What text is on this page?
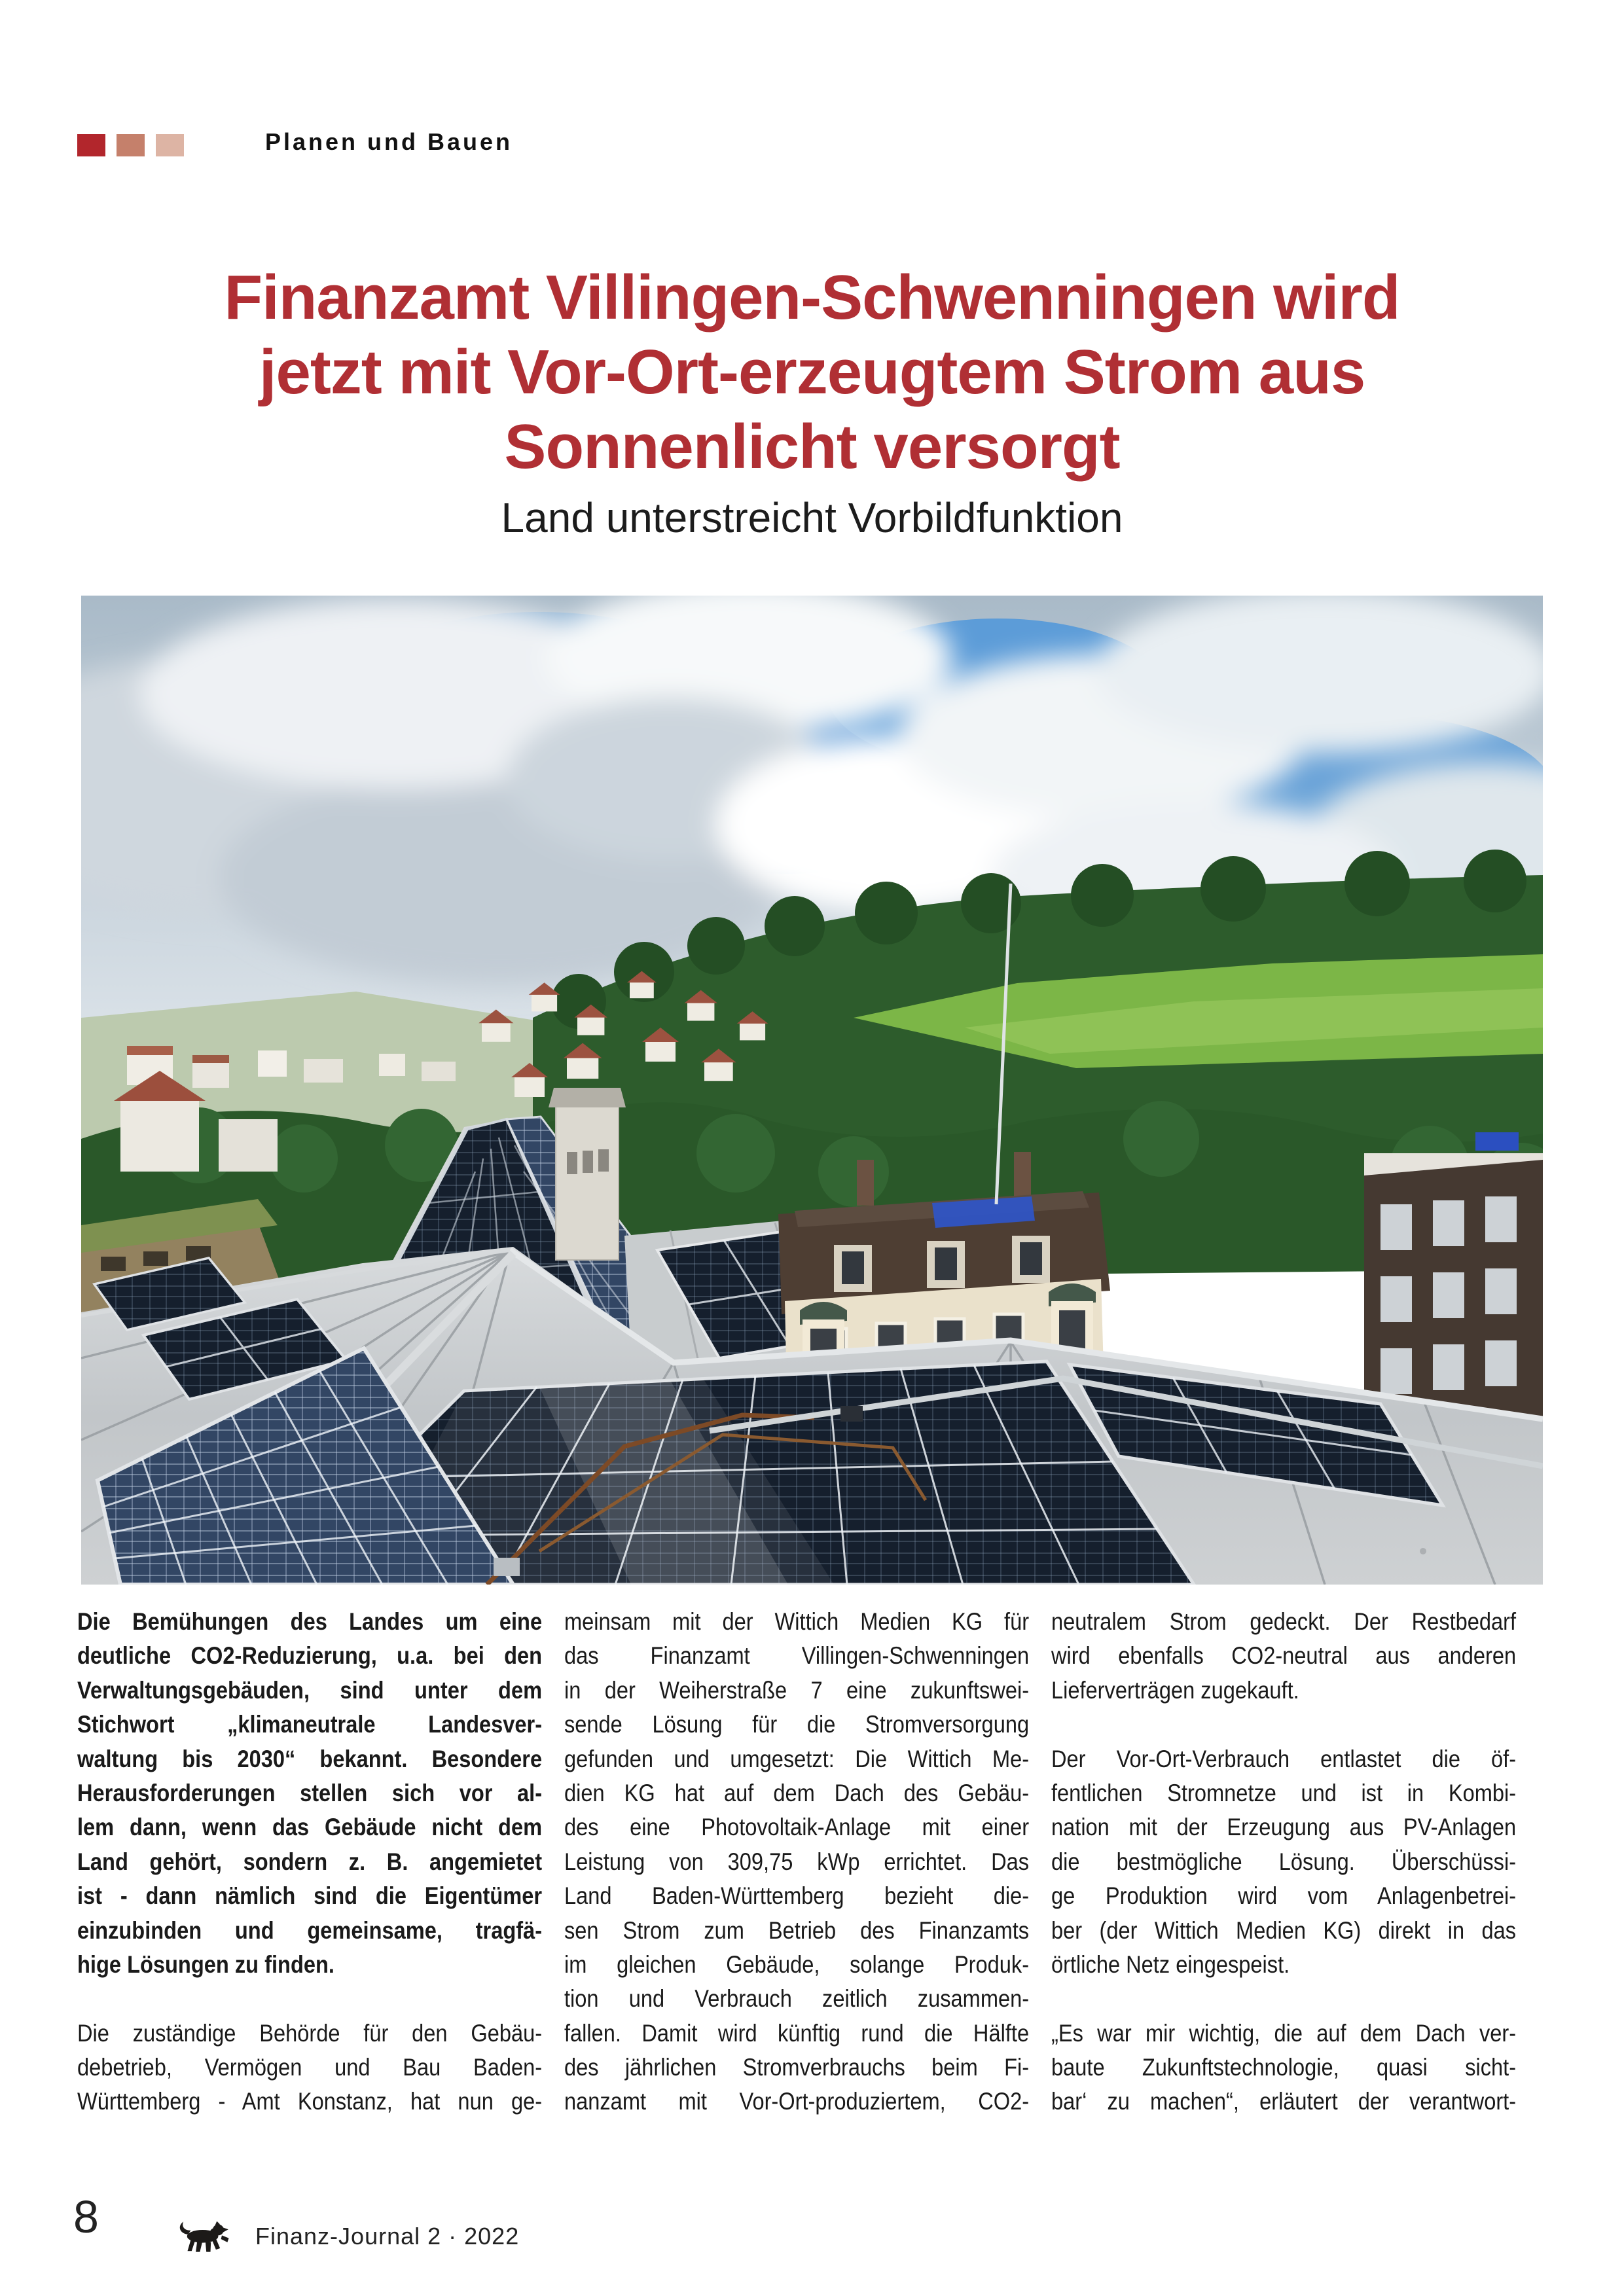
Planen und Bauen
Finanzamt Villingen-Schwenningen wird
jetzt mit Vor-Ort-erzeugtem Strom aus
Sonnenlicht versorgt
Land unterstreicht Vorbildfunktion
Die Bemühungen des Landes um eine
deutliche CO2-Reduzierung, u.a. bei den
Verwaltungsgebäuden, sind unter dem
Stichwort „klimaneutrale Landesver-
waltung bis 2030“ bekannt. Besondere
Herausforderungen stellen sich vor al-
lem dann, wenn das Gebäude nicht dem
Land gehört, sondern z. B. angemietet
ist - dann nämlich sind die Eigentümer
einzubinden und gemeinsame, tragfä-
hige Lösungen zu finden.

Die zuständige Behörde für den Gebäu-
debetrieb, Vermögen und Bau Baden-
Württemberg - Amt Konstanz, hat nun ge-
meinsam mit der Wittich Medien KG für
das Finanzamt Villingen-Schwenningen
in der Weiherstraße 7 eine zukunftswei-
sende Lösung für die Stromversorgung
gefunden und umgesetzt: Die Wittich Me-
dien KG hat auf dem Dach des Gebäu-
des eine Photovoltaik-Anlage mit einer
Leistung von 309,75 kWp errichtet. Das
Land Baden-Württemberg bezieht die-
sen Strom zum Betrieb des Finanzamts
im gleichen Gebäude, solange Produk-
tion und Verbrauch zeitlich zusammen-
fallen. Damit wird künftig rund die Hälfte
des jährlichen Stromverbrauchs beim Fi-
nanzamt mit Vor-Ort-produziertem, CO2-
neutralem Strom gedeckt. Der Restbedarf
wird ebenfalls CO2-neutral aus anderen
Lieferverträgen zugekauft.

Der Vor-Ort-Verbrauch entlastet die öf-
fentlichen Stromnetze und ist in Kombi-
nation mit der Erzeugung aus PV-Anlagen
die bestmögliche Lösung. Überschüssi-
ge Produktion wird vom Anlagenbetrei-
ber (der Wittich Medien KG) direkt in das
örtliche Netz eingespeist.

„Es war mir wichtig, die auf dem Dach ver-
baute Zukunftstechnologie, quasi sicht-
bar‘ zu machen“, erläutert der verantwort-
8	Finanz-Journal 2 · 2022
